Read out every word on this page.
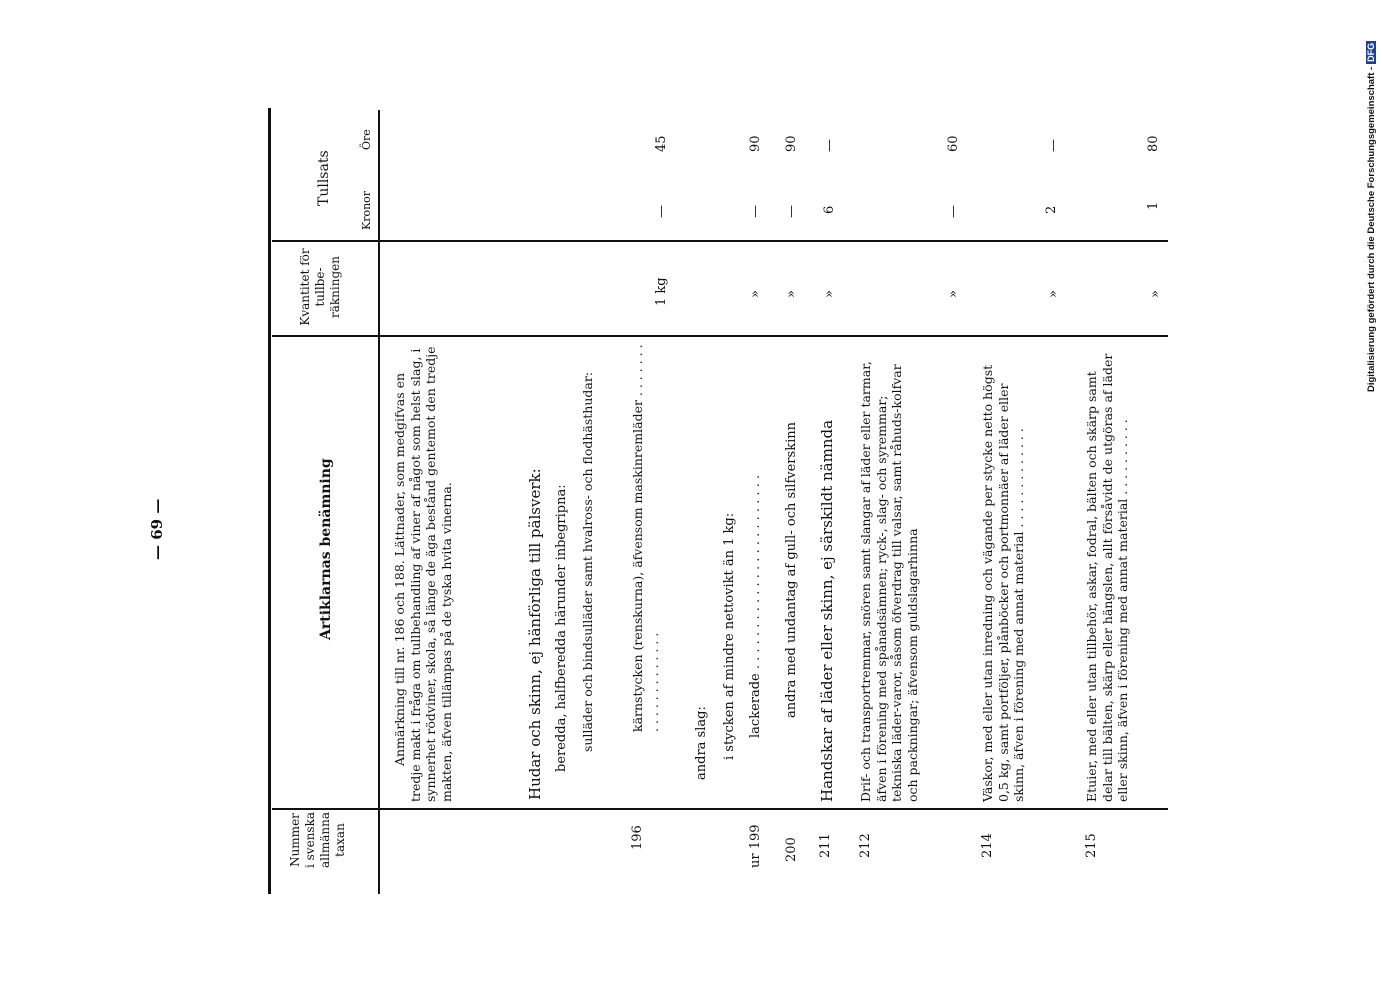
— 69 —
Digitalisierung gefördert durch die Deutsche Forschungsgemeinschaft -DFG
Nummer i svenska allmänna taxan
Artiklarnas benämning
Kvantitet för tullbe-räkningen
Tullsats
Kronor
Öre
Anmärkning till nr. 186 och 188. Lättnader, som medgifvas en tredje makt i fråga om tullbehandling af viner af något som helst slag, i synnerhet rödviner, skola, så länge de äga bestånd gentemot den tredje makten, äfven tillämpas på de tyska hvita vinerna.	Hudar och skinn, ej hänförliga till pälsverk: beredda, halfberedda härunder inbegripna: sulläder och bindsulläder samt hvalross- och flodhästhudar:
196
kärnstycken (renskurna), äfvensom maskinremläder . . . . . . . . . . . . . . . . . . . .
1 kg
—
45
andra slag: i stycken af mindre nettovikt än 1 kg:
ur 199
lackerade . . . . . . . . . . . . . . . . . . . . . . . .
»
—
90
200
andra med undantag af gull- och silfverskinn
»
—
90
211
Handskar af läder eller skinn, ej särskildt nämnda
»
6
—
212
Drif- och transportremmar, snören samt slangar af läder eller tarmar, äfven i förening med spånadsämnen; ryck-, slag- och syremmar; tekniska läder-varor, såsom öfverdrag till valsar, samt råhuds-kolfvar och packningar; äfvensom guldslagarhinna
»
—
60
214
Väskor, med eller utan inredning och vägande per stycke netto högst 0,5 kg, samt portföljer, plånböcker och portmonnäer af läder eller skinn, äfven i förening med annat material . . . . . . . . . . . . .
»
2
—
215
Etuier, med eller utan tillbehör, askar, fodral, bälten och skärp samt delar till bälten, skärp eller hängslen, allt försåvidt de utgöras af läder eller skinn, äfven i förening med annat material . . . . . . . . . .
»
1
80
